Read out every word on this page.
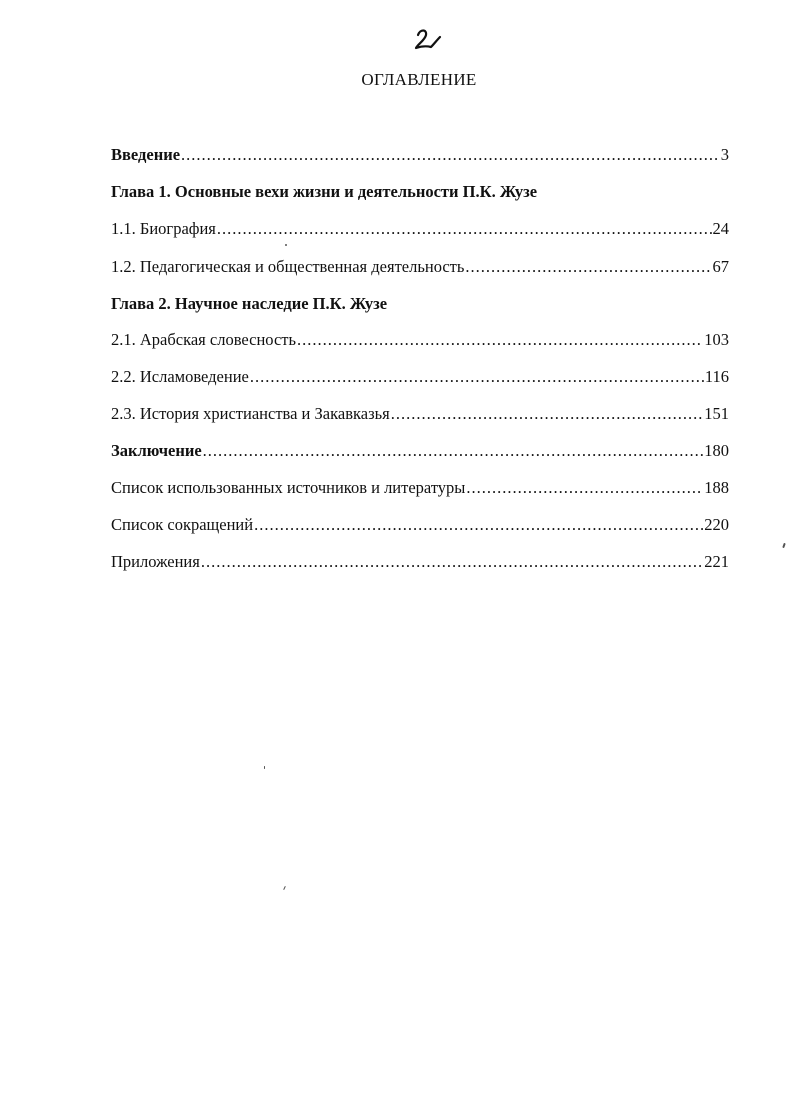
ОГЛАВЛЕНИЕ
Введение .....	3
Глава 1. Основные вехи жизни и деятельности П.К. Жузе
1.1. Биография .....	24
1.2. Педагогическая и общественная деятельность .....	67
Глава 2. Научное наследие П.К. Жузе
2.1. Арабская словесность .....	103
2.2. Исламоведение .....	116
2.3. История христианства и Закавказья .....	151
Заключение .....	180
Список использованных источников и литературы .....	188
Список сокращений .....	220
Приложения .....	221
